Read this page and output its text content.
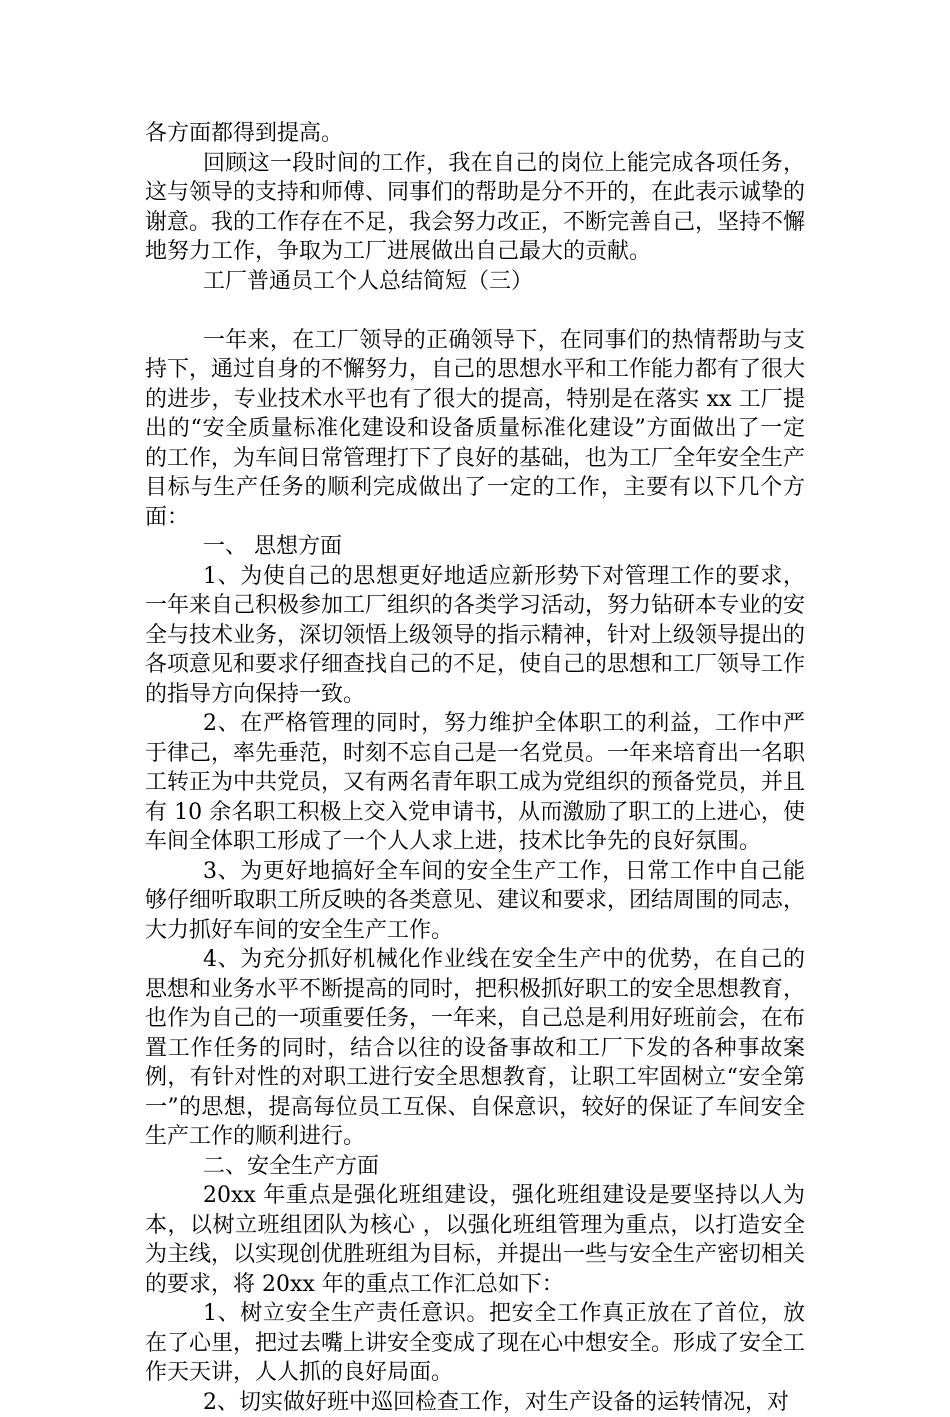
各方面都得到提高。

回顾这一段时间的工作，我在自己的岗位上能完成各项任务，这与领导的支持和师傅、同事们的帮助是分不开的，在此表示诚挚的谢意。我的工作存在不足，我会努力改正，不断完善自己，坚持不懈地努力工作，争取为工厂进展做出自己最大的贡献。

工厂普通员工个人总结简短（三）

一年来，在工厂领导的正确领导下，在同事们的热情帮助与支持下，通过自身的不懈努力，自己的思想水平和工作能力都有了很大的进步，专业技术水平也有了很大的提高，特别是在落实 xx 工厂提出的“安全质量标准化建设和设备质量标准化建设”方面做出了一定的工作，为车间日常管理打下了良好的基础，也为工厂全年安全生产目标与生产任务的顺利完成做出了一定的工作，主要有以下几个方面：

一、 思想方面

1、为使自己的思想更好地适应新形势下对管理工作的要求，一年来自己积极参加工厂组织的各类学习活动，努力钻研本专业的安全与技术业务，深切领悟上级领导的指示精神，针对上级领导提出的各项意见和要求仔细查找自己的不足，使自己的思想和工厂领导工作的指导方向保持一致。

2、在严格管理的同时，努力维护全体职工的利益，工作中严于律己，率先垂范，时刻不忘自己是一名党员。一年来培育出一名职工转正为中共党员，又有两名青年职工成为党组织的预备党员，并且有 10 余名职工积极上交入党申请书，从而激励了职工的上进心，使车间全体职工形成了一个人人求上进，技术比争先的良好氛围。

3、为更好地搞好全车间的安全生产工作，日常工作中自己能够仔细听取职工所反映的各类意见、建议和要求，团结周围的同志，大力抓好车间的安全生产工作。

4、为充分抓好机械化作业线在安全生产中的优势，在自己的思想和业务水平不断提高的同时，把积极抓好职工的安全思想教育，也作为自己的一项重要任务，一年来，自己总是利用好班前会，在布置工作任务的同时，结合以往的设备事故和工厂下发的各种事故案例，有针对性的对职工进行安全思想教育，让职工牢固树立“安全第一”的思想，提高每位员工互保、自保意识，较好的保证了车间安全生产工作的顺利进行。

二、安全生产方面

20xx 年重点是强化班组建设，强化班组建设是要坚持以人为本，以树立班组团队为核心 ，以强化班组管理为重点，以打造安全为主线，以实现创优胜班组为目标，并提出一些与安全生产密切相关的要求，将 20xx 年的重点工作汇总如下：

1、树立安全生产责任意识。把安全工作真正放在了首位，放在了心里，把过去嘴上讲安全变成了现在心中想安全。形成了安全工作天天讲，人人抓的良好局面。

2、切实做好班中巡回检查工作，对生产设备的运转情况，对
